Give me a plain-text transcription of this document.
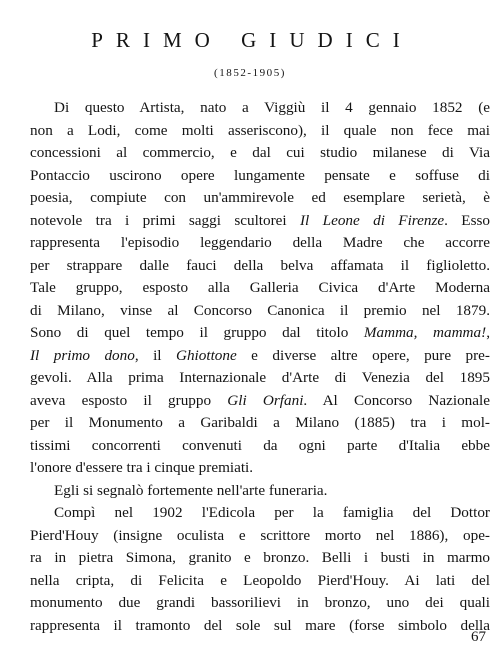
PRIMO GIUDICI
(1852-1905)
Di questo Artista, nato a Viggiù il 4 gennaio 1852 (e
non a Lodi, come molti asseriscono), il quale non fece mai
concessioni al commercio, e dal cui studio milanese di Via
Pontaccio uscirono opere lungamente pensate e soffuse di
poesia, compiute con un'ammirevole ed esemplare serietà, è
notevole tra i primi saggi scultorei Il Leone di Firenze. Esso
rappresenta l'episodio leggendario della Madre che accorre
per strappare dalle fauci della belva affamata il figlioletto.
Tale gruppo, esposto alla Galleria Civica d'Arte Moderna
di Milano, vinse al Concorso Canonica il premio nel 1879.
Sono di quel tempo il gruppo dal titolo Mamma, mamma!,
Il primo dono, il Ghiottone e diverse altre opere, pure pre-
gevoli. Alla prima Internazionale d'Arte di Venezia del 1895
aveva esposto il gruppo Gli Orfani. Al Concorso Nazionale
per il Monumento a Garibaldi a Milano (1885) tra i mol-
tissimi concorrenti convenuti da ogni parte d'Italia ebbe
l'onore d'essere tra i cinque premiati.
Egli si segnalò fortemente nell'arte funeraria.
Compì nel 1902 l'Edicola per la famiglia del Dottor
Pierd'Houy (insigne oculista e scrittore morto nel 1886), ope-
ra in pietra Simona, granito e bronzo. Belli i busti in marmo
nella cripta, di Felicita e Leopoldo Pierd'Houy. Ai lati del
monumento due grandi bassorilievi in bronzo, uno dei quali
rappresenta il tramonto del sole sul mare (forse simbolo della
67
